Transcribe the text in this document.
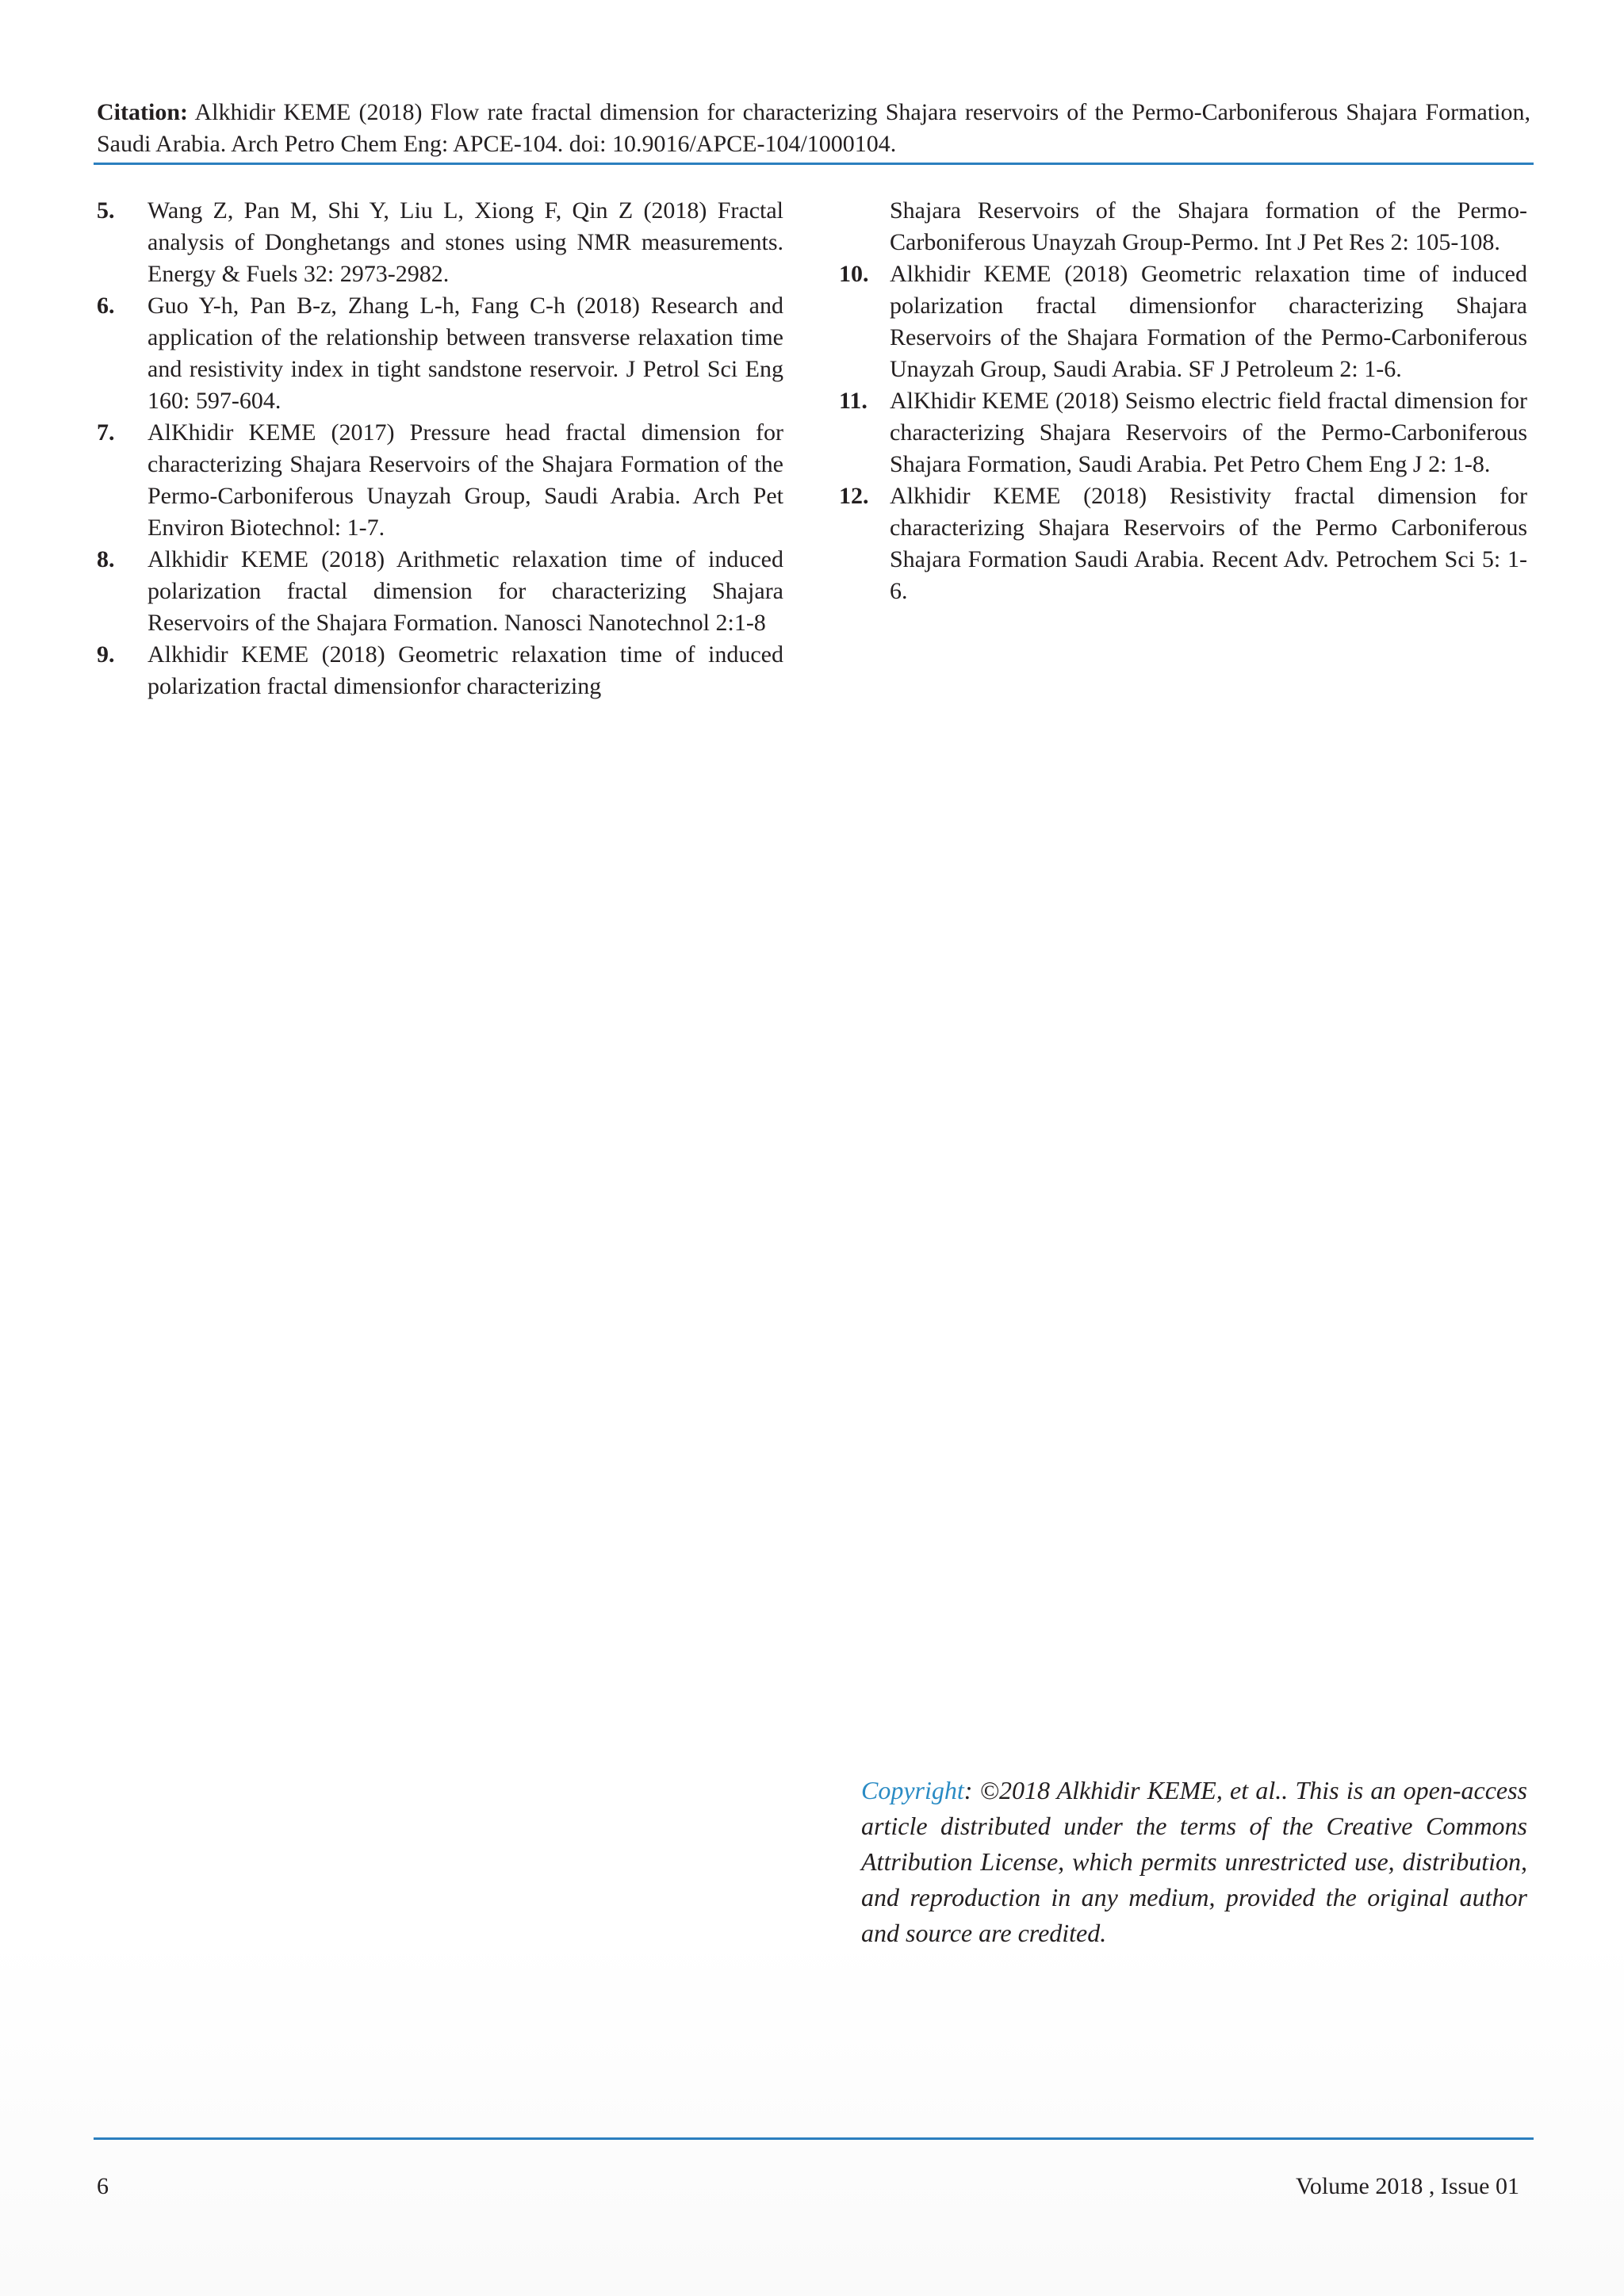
Citation: Alkhidir KEME (2018) Flow rate fractal dimension for characterizing Shajara reservoirs of the Permo-Carboniferous Shajara Formation, Saudi Arabia. Arch Petro Chem Eng: APCE-104. doi: 10.9016/APCE-104/1000104.
5.	Wang Z, Pan M, Shi Y, Liu L, Xiong F, Qin Z (2018) Fractal analysis of Donghetangs and stones using NMR measurements. Energy & Fuels 32: 2973-2982.
6.	Guo Y-h, Pan B-z, Zhang L-h, Fang C-h (2018) Research and application of the relationship between transverse relaxation time and resistivity index in tight sandstone reservoir. J Petrol Sci Eng 160: 597-604.
7.	AlKhidir KEME (2017) Pressure head fractal dimension for characterizing Shajara Reservoirs of the Shajara Formation of the Permo-Carboniferous Unayzah Group, Saudi Arabia. Arch Pet Environ Biotechnol: 1-7.
8.	Alkhidir KEME (2018) Arithmetic relaxation time of induced polarization fractal dimension for characterizing Shajara Reservoirs of the Shajara Formation. Nanosci Nanotechnol 2:1-8
9.	Alkhidir KEME (2018) Geometric relaxation time of induced polarization fractal dimensionfor characterizing
Shajara Reservoirs of the Shajara formation of the Permo-Carboniferous Unayzah Group-Permo. Int J Pet Res 2: 105-108.
10. Alkhidir KEME (2018) Geometric relaxation time of induced polarization fractal dimensionfor characterizing Shajara Reservoirs of the Shajara Formation of the Permo-Carboniferous Unayzah Group, Saudi Arabia. SF J Petroleum 2: 1-6.
11. AlKhidir KEME (2018) Seismo electric field fractal dimension for characterizing Shajara Reservoirs of the Permo-Carboniferous Shajara Formation, Saudi Arabia. Pet Petro Chem Eng J 2: 1-8.
12. Alkhidir KEME (2018) Resistivity fractal dimension for characterizing Shajara Reservoirs of the Permo Carboniferous Shajara Formation Saudi Arabia. Recent Adv. Petrochem Sci 5: 1-6.
Copyright: ©2018 Alkhidir KEME, et al.. This is an open-access article distributed under the terms of the Creative Commons Attribution License, which permits unrestricted use, distribution, and reproduction in any medium, provided the original author and source are credited.
6	Volume 2018 , Issue 01
